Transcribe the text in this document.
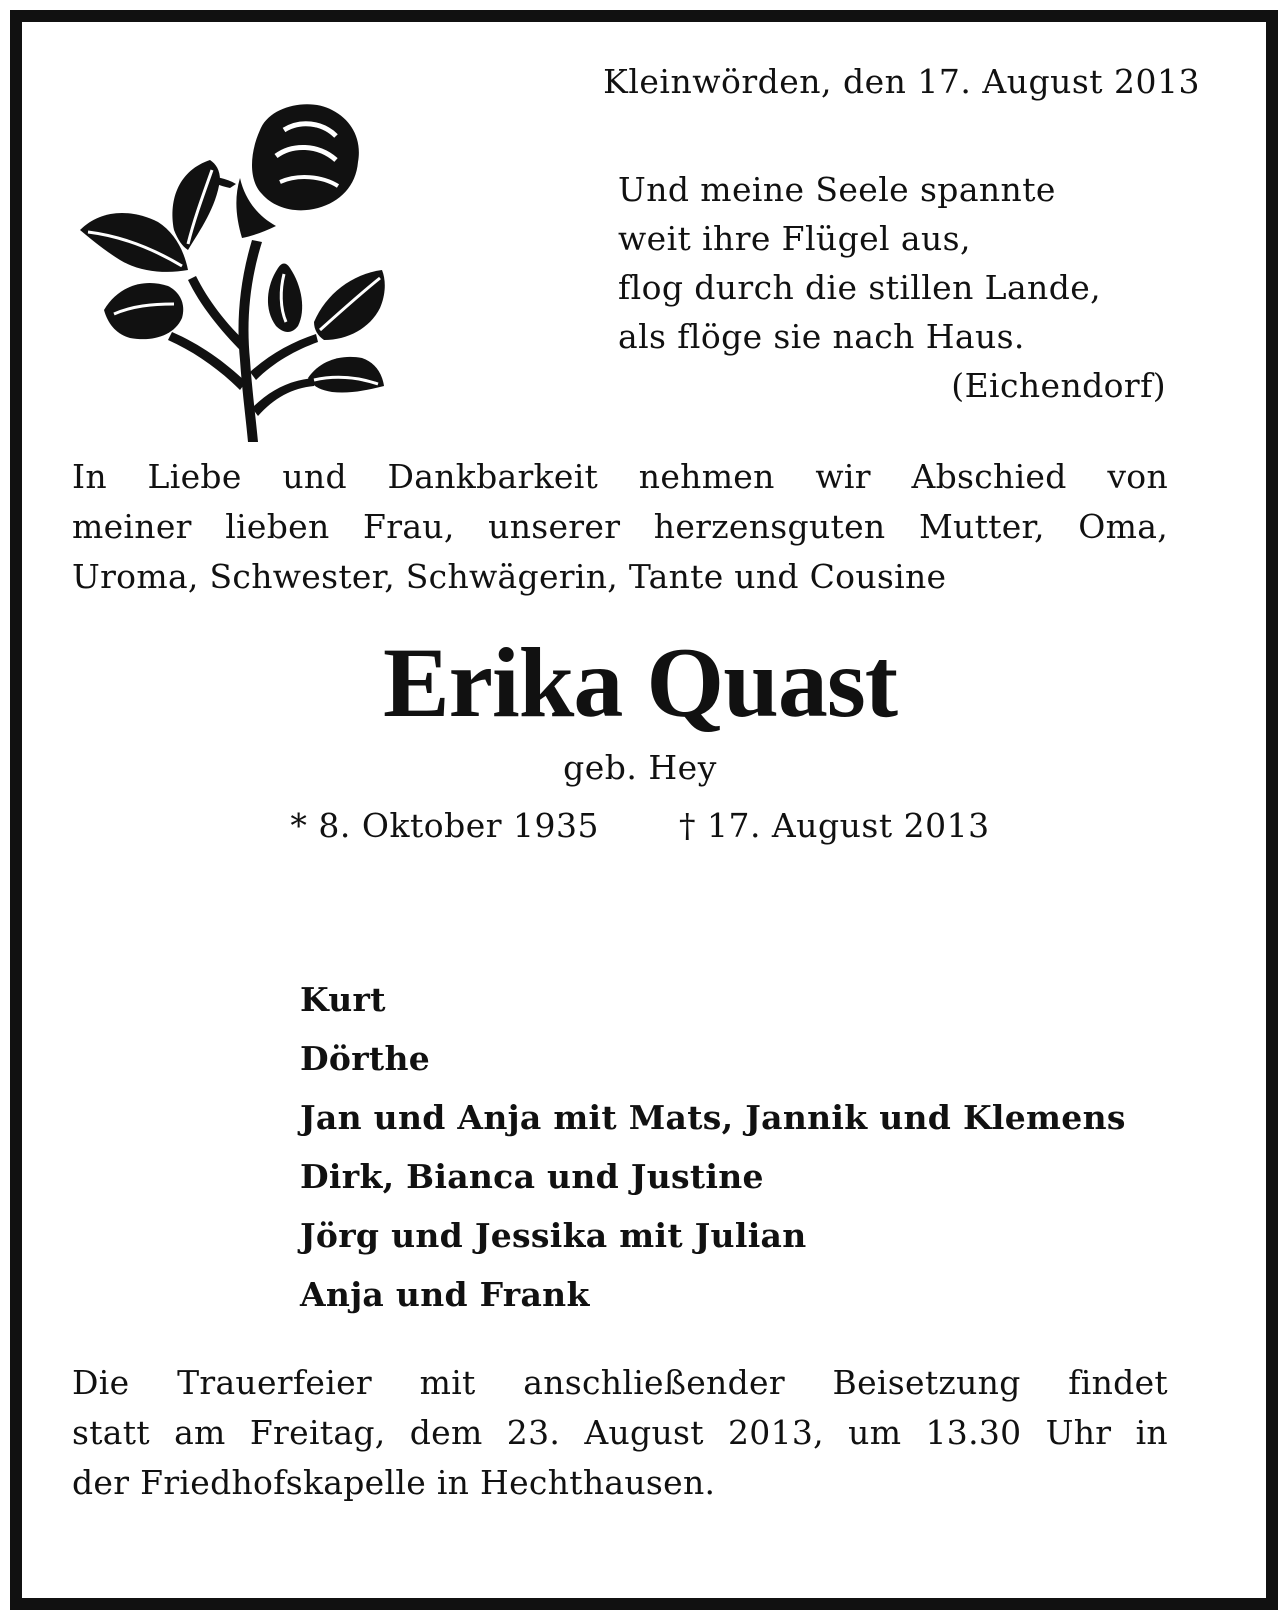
Kleinwörden, den 17. August 2013
Und meine Seele spannte
weit ihre Flügel aus,
flog durch die stillen Lande,
als flöge sie nach Haus.
(Eichendorf)
In Liebe und Dankbarkeit nehmen wir Abschied von
meiner lieben Frau, unserer herzensguten Mutter, Oma,
Uroma, Schwester, Schwägerin, Tante und Cousine
Erika Quast
geb. Hey
* 8. Oktober 1935 † 17. August 2013
Kurt
Dörthe
Jan und Anja mit Mats, Jannik und Klemens
Dirk, Bianca und Justine
Jörg und Jessika mit Julian
Anja und Frank
Die Trauerfeier mit anschließender Beisetzung findet
statt am Freitag, dem 23. August 2013, um 13.30 Uhr in
der Friedhofskapelle in Hechthausen.
